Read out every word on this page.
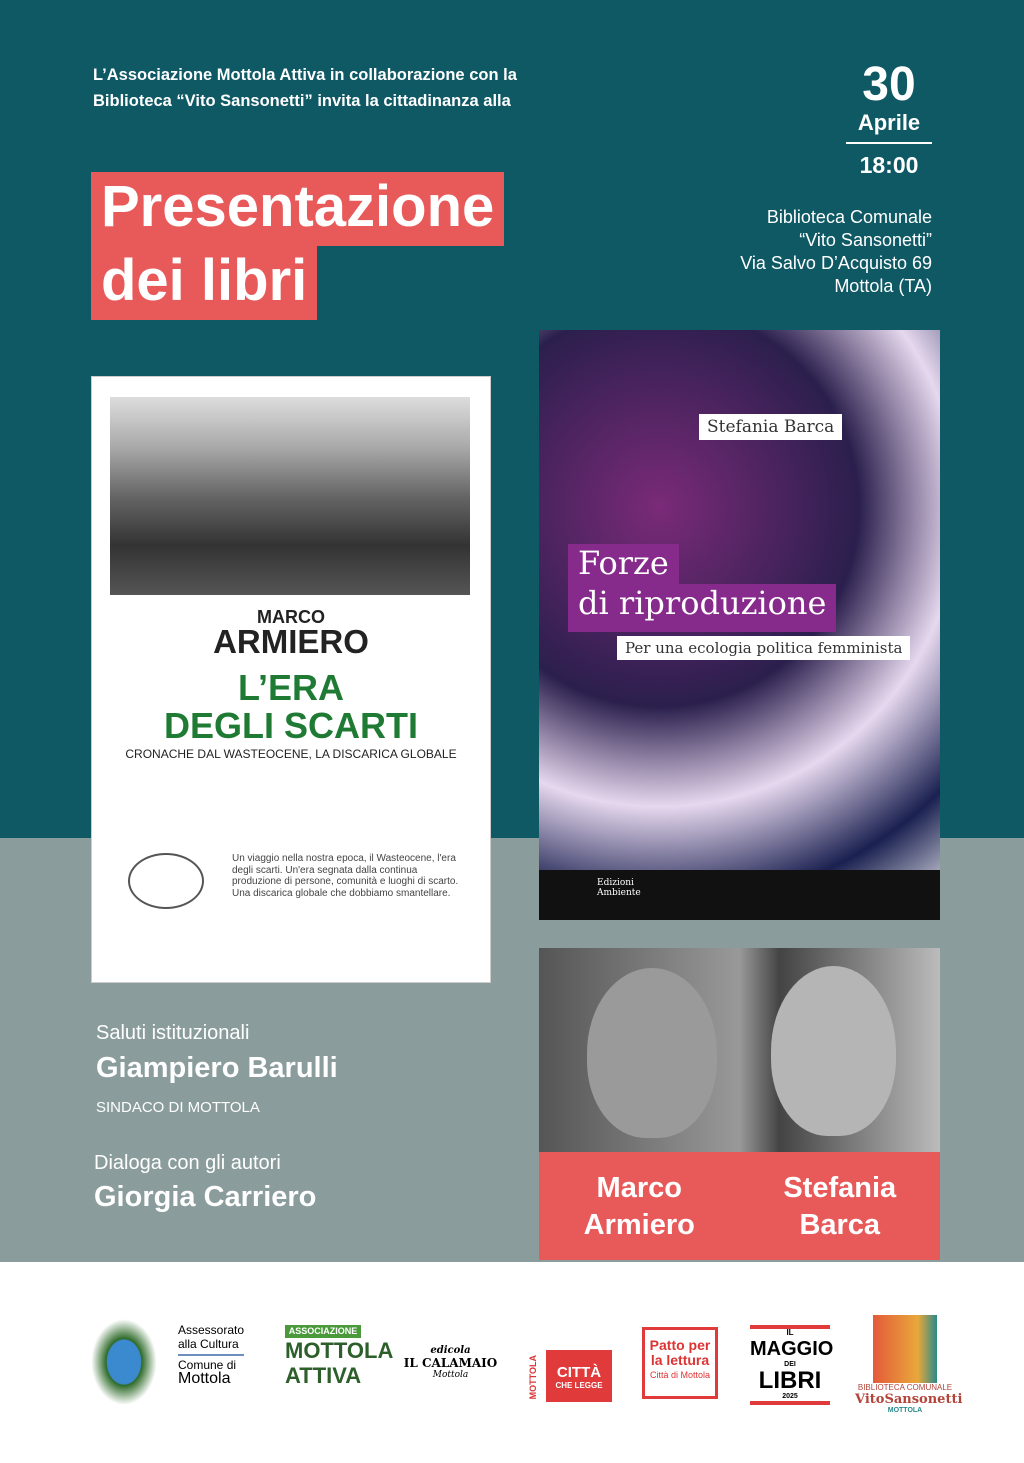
L’Associazione Mottola Attiva in collaborazione con la
Biblioteca “Vito Sansonetti” invita la cittadinanza alla	30
Aprile
18:00
Biblioteca Comunale
“Vito Sansonetti”
Via Salvo D’Acquisto 69
Mottola (TA)
Presentazione
dei libri
MARCO
ARMIERO
L’ERA
DEGLI SCARTI
CRONACHE DAL WASTEOCENE, LA DISCARICA GLOBALE
Un viaggio nella nostra epoca, il Wasteocene, l'era degli scarti. Un'era segnata dalla continua produzione di persone, comunità e luoghi di scarto. Una discarica globale che dobbiamo smantellare.
Stefania Barca
Forze
di riproduzione
Per una ecologia politica femminista
Edizioni
Ambiente
Saluti istituzionali
Giampiero Barulli
SINDACO DI MOTTOLA
Dialoga con gli autori
Giorgia Carriero	Marco
Armiero
Stefania
Barca
Assessorato
alla Cultura
Comune di
Mottola
ASSOCIAZIONE
MOTTOLA
ATTIVA
edicola
IL CALAMAIO
Mottola	MOTTOLA	CITTÀ
CHE LEGGE
Patto per
la lettura
Città di Mottola
IL
MAGGIO
DEI
LIBRI
2025
BIBLIOTECA COMUNALE
VitoSansonetti
MOTTOLA
